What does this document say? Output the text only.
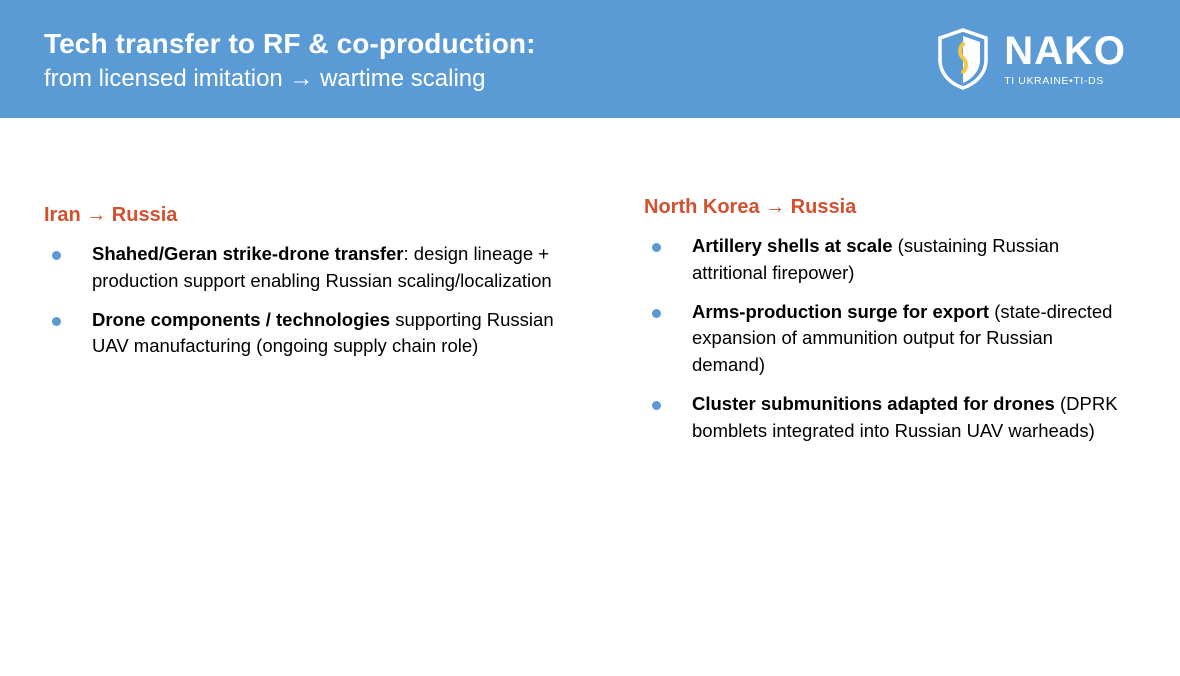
Tech transfer to RF & co-production:
from licensed imitation → wartime scaling
NAKO
TI UKRAINE•TI-DS
Iran → Russia
Shahed/Geran strike-drone transfer: design lineage + production support enabling Russian scaling/localization
Drone components / technologies supporting Russian UAV manufacturing (ongoing supply chain role)
North Korea → Russia
Artillery shells at scale (sustaining Russian attritional firepower)
Arms-production surge for export (state-directed expansion of ammunition output for Russian demand)
Cluster submunitions adapted for drones (DPRK bomblets integrated into Russian UAV warheads)
